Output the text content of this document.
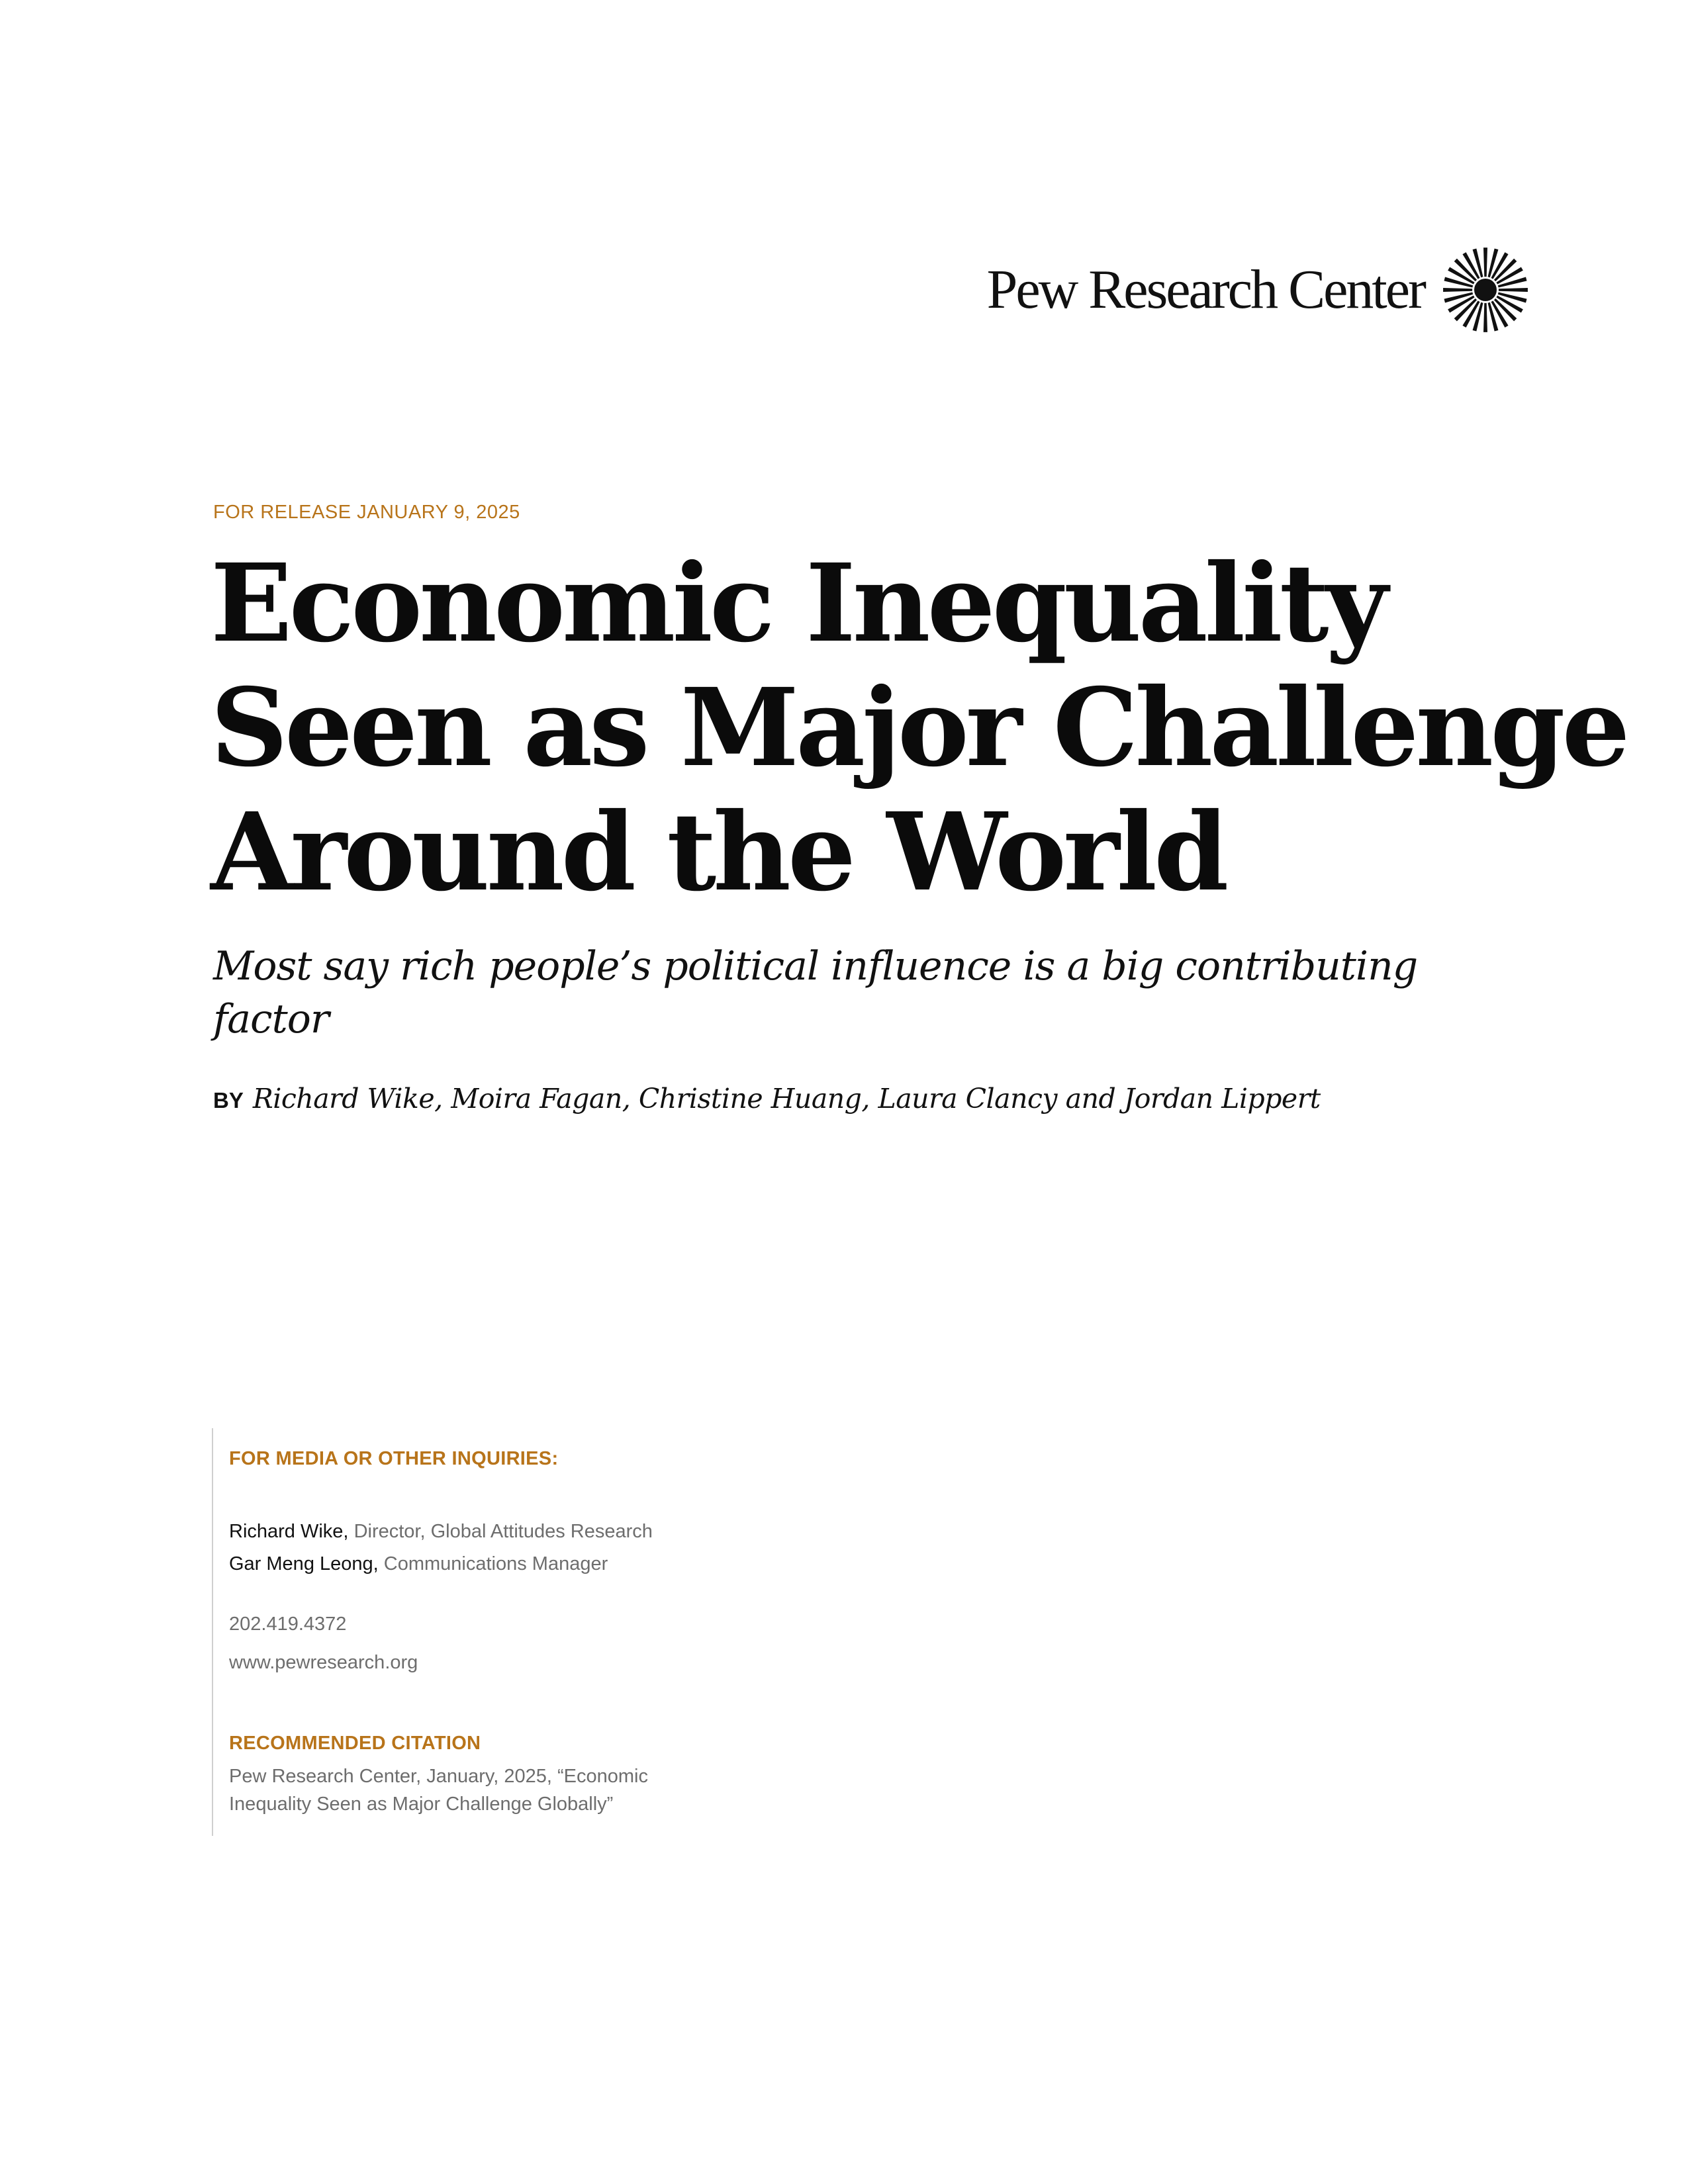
Pew Research Center
FOR RELEASE JANUARY 9, 2025
Economic Inequality
Seen as Major Challenge
Around the World

Most say rich people’s political influence is a big contributing factor

BY Richard Wike, Moira Fagan, Christine Huang, Laura Clancy and Jordan Lippert
FOR MEDIA OR OTHER INQUIRIES:
Richard Wike, Director, Global Attitudes Research
Gar Meng Leong, Communications Manager
202.419.4372
www.pewresearch.org
RECOMMENDED CITATION
Pew Research Center, January, 2025, “Economic Inequality Seen as Major Challenge Globally”
